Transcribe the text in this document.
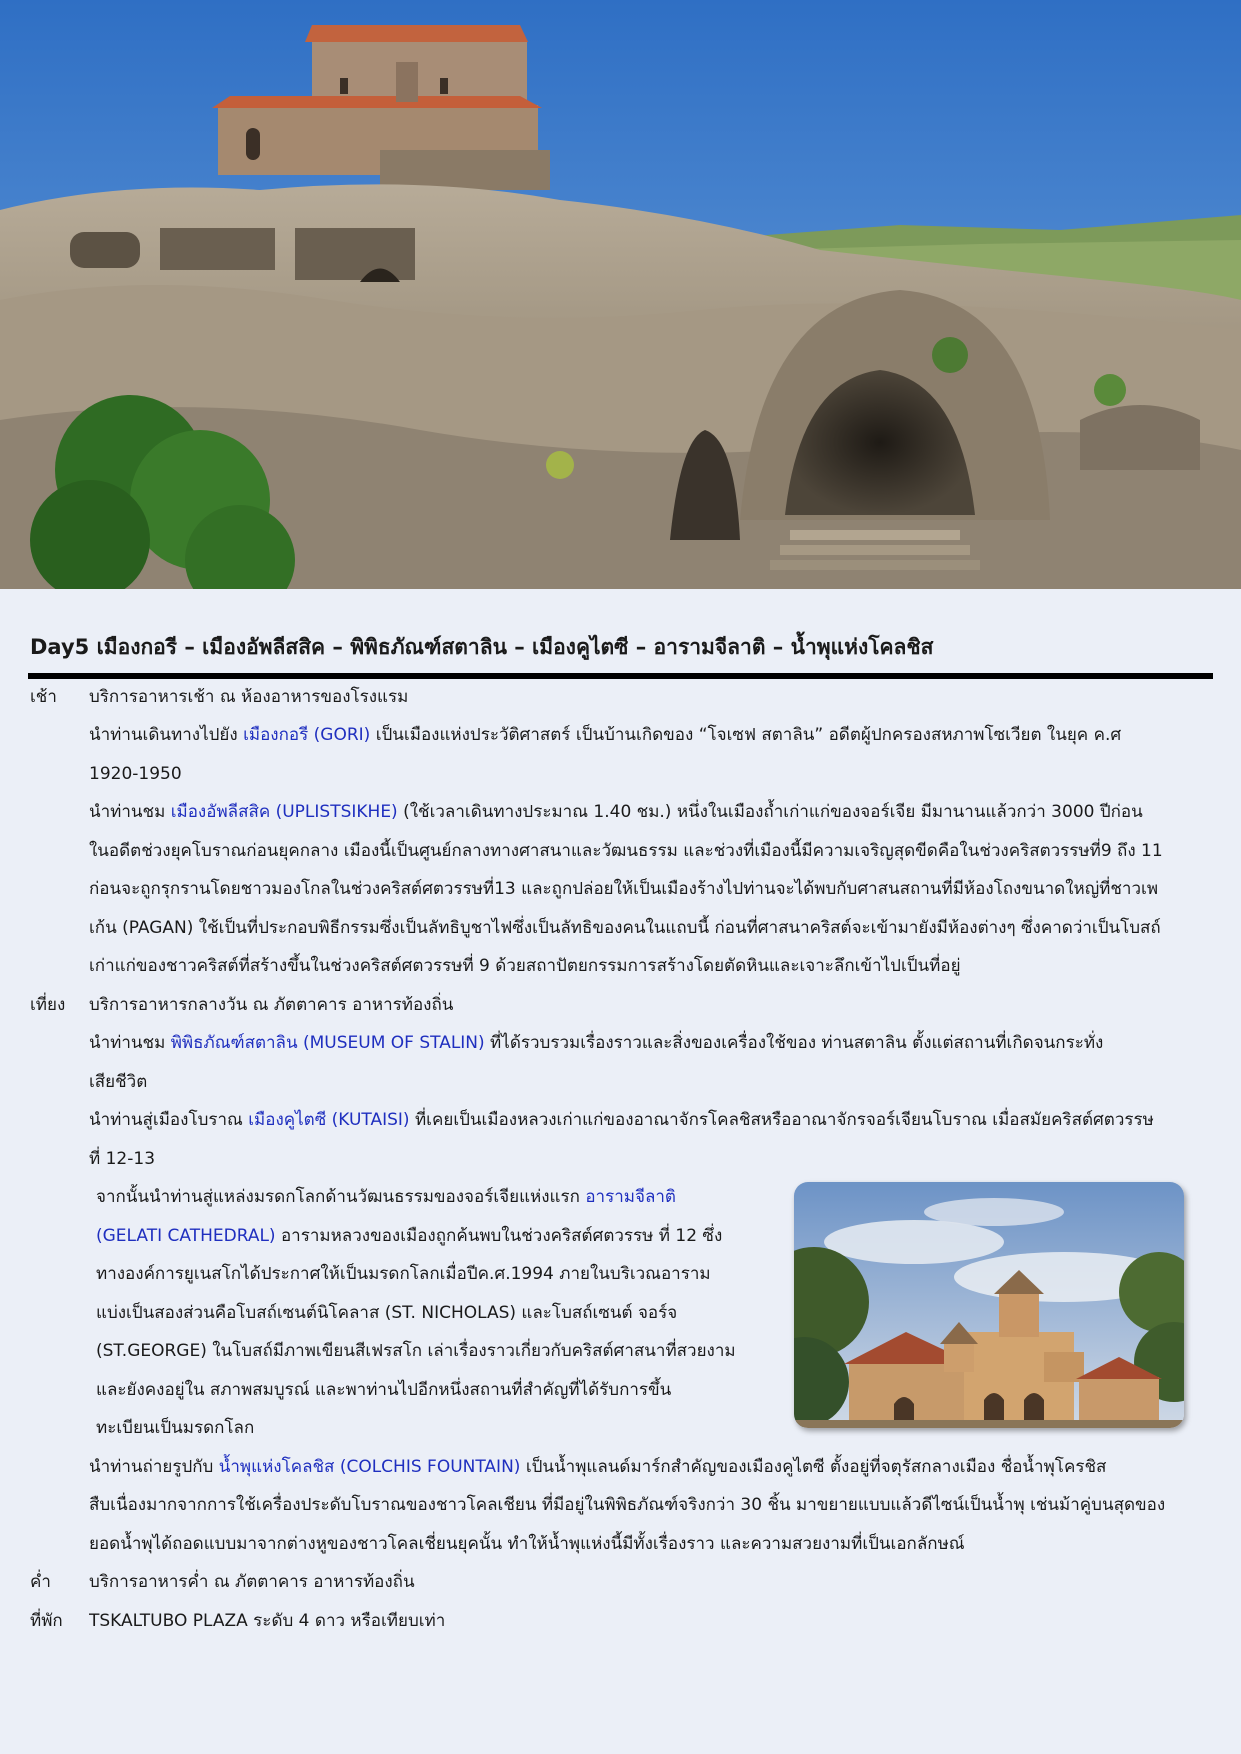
Day5 เมืองกอรี – เมืองอัพลีสสิค – พิพิธภัณฑ์สตาลิน – เมืองคูไตซี – อารามจีลาติ – น้ำพุแห่งโคลชิส
เช้า บริการอาหารเช้า ณ ห้องอาหารของโรงแรม
นำท่านเดินทางไปยัง เมืองกอรี (GORI) เป็นเมืองแห่งประวัติศาสตร์ เป็นบ้านเกิดของ “โจเซฟ สตาลิน” อดีตผู้ปกครองสหภาพโซเวียต ในยุค ค.ศ
1920-1950
นำท่านชม เมืองอัพลีสสิค (UPLISTSIKHE) (ใช้เวลาเดินทางประมาณ 1.40 ชม.) หนึ่งในเมืองถ้ำเก่าแก่ของจอร์เจีย มีมานานแล้วกว่า 3000 ปีก่อน
ในอดีตช่วงยุคโบราณก่อนยุคกลาง เมืองนี้เป็นศูนย์กลางทางศาสนาและวัฒนธรรม และช่วงที่เมืองนี้มีความเจริญสุดขีดคือในช่วงคริสตวรรษที่9 ถึง 11
ก่อนจะถูกรุกรานโดยชาวมองโกลในช่วงคริสต์ศตวรรษที่13 และถูกปล่อยให้เป็นเมืองร้างไปท่านจะได้พบกับศาสนสถานที่มีห้องโถงขนาดใหญ่ที่ชาวเพ
เก้น (PAGAN) ใช้เป็นที่ประกอบพิธีกรรมซึ่งเป็นลัทธิบูชาไฟซึ่งเป็นลัทธิของคนในแถบนี้ ก่อนที่ศาสนาคริสต์จะเข้ามายังมีห้องต่างๆ ซึ่งคาดว่าเป็นโบสถ์
เก่าแก่ของชาวคริสต์ที่สร้างขึ้นในช่วงคริสต์ศตวรรษที่ 9 ด้วยสถาปัตยกรรมการสร้างโดยตัดหินและเจาะลึกเข้าไปเป็นที่อยู่
เที่ยง บริการอาหารกลางวัน ณ ภัตตาคาร อาหารท้องถิ่น
นำท่านชม พิพิธภัณฑ์สตาลิน (MUSEUM OF STALIN) ที่ได้รวบรวมเรื่องราวและสิ่งของเครื่องใช้ของ ท่านสตาลิน ตั้งแต่สถานที่เกิดจนกระทั่ง
เสียชีวิต
นำท่านสู่เมืองโบราณ เมืองคูไตซี (KUTAISI) ที่เคยเป็นเมืองหลวงเก่าแก่ของอาณาจักรโคลชิสหรืออาณาจักรจอร์เจียนโบราณ เมื่อสมัยคริสต์ศตวรรษ
ที่ 12-13
จากนั้นนำท่านสู่แหล่งมรดกโลกด้านวัฒนธรรมของจอร์เจียแห่งแรก อารามจีลาติ
(GELATI CATHEDRAL) อารามหลวงของเมืองถูกค้นพบในช่วงคริสต์ศตวรรษ ที่ 12 ซึ่ง
ทางองค์การยูเนสโกได้ประกาศให้เป็นมรดกโลกเมื่อปีค.ศ.1994 ภายในบริเวณอาราม
แบ่งเป็นสองส่วนคือโบสถ์เซนต์นิโคลาส (ST. NICHOLAS) และโบสถ์เซนต์ จอร์จ
(ST.GEORGE) ในโบสถ์มีภาพเขียนสีเฟรสโก เล่าเรื่องราวเกี่ยวกับคริสต์ศาสนาที่สวยงาม
และยังคงอยู่ใน สภาพสมบูรณ์ และพาท่านไปอีกหนึ่งสถานที่สำคัญที่ได้รับการขึ้น
ทะเบียนเป็นมรดกโลก
นำท่านถ่ายรูปกับ น้ำพุแห่งโคลชิส (COLCHIS FOUNTAIN) เป็นน้ำพุแลนด์มาร์กสำคัญของเมืองคูไตซี ตั้งอยู่ที่จตุรัสกลางเมือง ชื่อน้ำพุโครชิส
สืบเนื่องมากจากการใช้เครื่องประดับโบราณของชาวโคลเชียน ที่มีอยู่ในพิพิธภัณฑ์จริงกว่า 30 ชิ้น มาขยายแบบแล้วดีไซน์เป็นน้ำพุ เช่นม้าคู่บนสุดของ
ยอดน้ำพุได้ถอดแบบมาจากต่างหูของชาวโคลเชี่ยนยุคนั้น ทำให้น้ำพุแห่งนี้มีทั้งเรื่องราว และความสวยงามที่เป็นเอกลักษณ์
ค่ำ บริการอาหารค่ำ ณ ภัตตาคาร อาหารท้องถิ่น
ที่พัก TSKALTUBO PLAZA ระดับ 4 ดาว หรือเทียบเท่า
